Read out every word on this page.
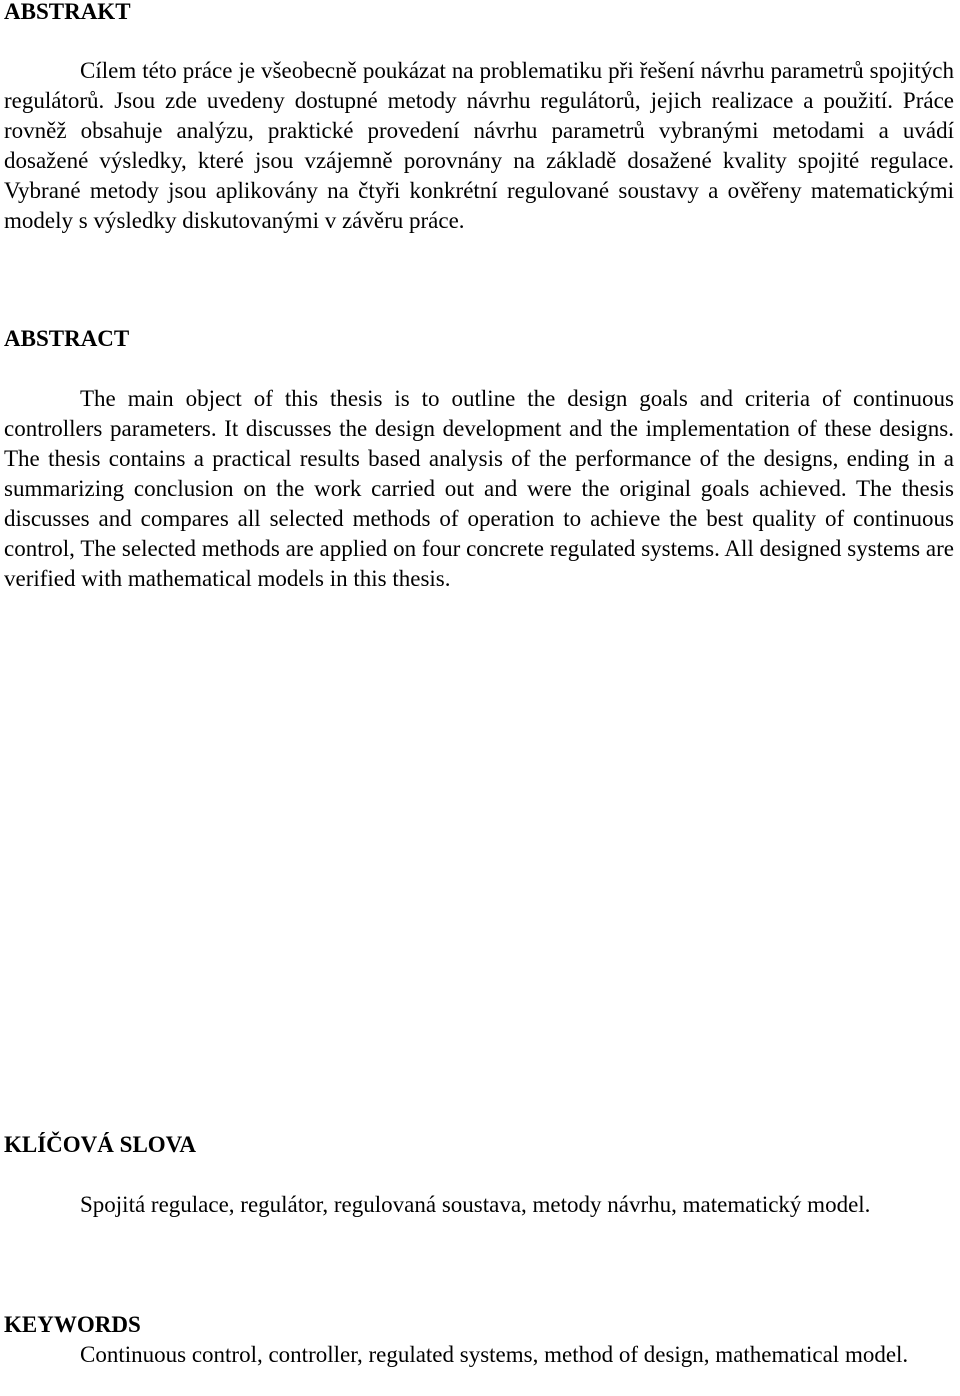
ABSTRAKT

Cílem této práce je všeobecně poukázat na problematiku při řešení návrhu parametrů spojitých regulátorů. Jsou zde uvedeny dostupné metody návrhu regulátorů, jejich realizace a použití. Práce rovněž obsahuje analýzu, praktické provedení návrhu parametrů vybranými metodami a uvádí dosažené výsledky, které jsou vzájemně porovnány na základě dosažené kvality spojité regulace. Vybrané metody jsou aplikovány na čtyři konkrétní regulované soustavy a ověřeny matematickými modely s výsledky diskutovanými v závěru práce.

ABSTRACT

The main object of this thesis is to outline the design goals and criteria of continuous controllers parameters. It discusses the design development and the implementation of these designs. The thesis contains a practical results based analysis of the performance of the designs, ending in a summarizing conclusion on the work carried out and were the original goals achieved. The thesis discusses and compares all selected methods of operation to achieve the best quality of continuous control, The selected methods are applied on four concrete regulated systems. All designed systems are verified with mathematical models in this thesis.

KLÍČOVÁ SLOVA

Spojitá regulace, regulátor, regulovaná soustava, metody návrhu, matematický model.

KEYWORDS

Continuous control, controller, regulated systems, method of design, mathematical model.
